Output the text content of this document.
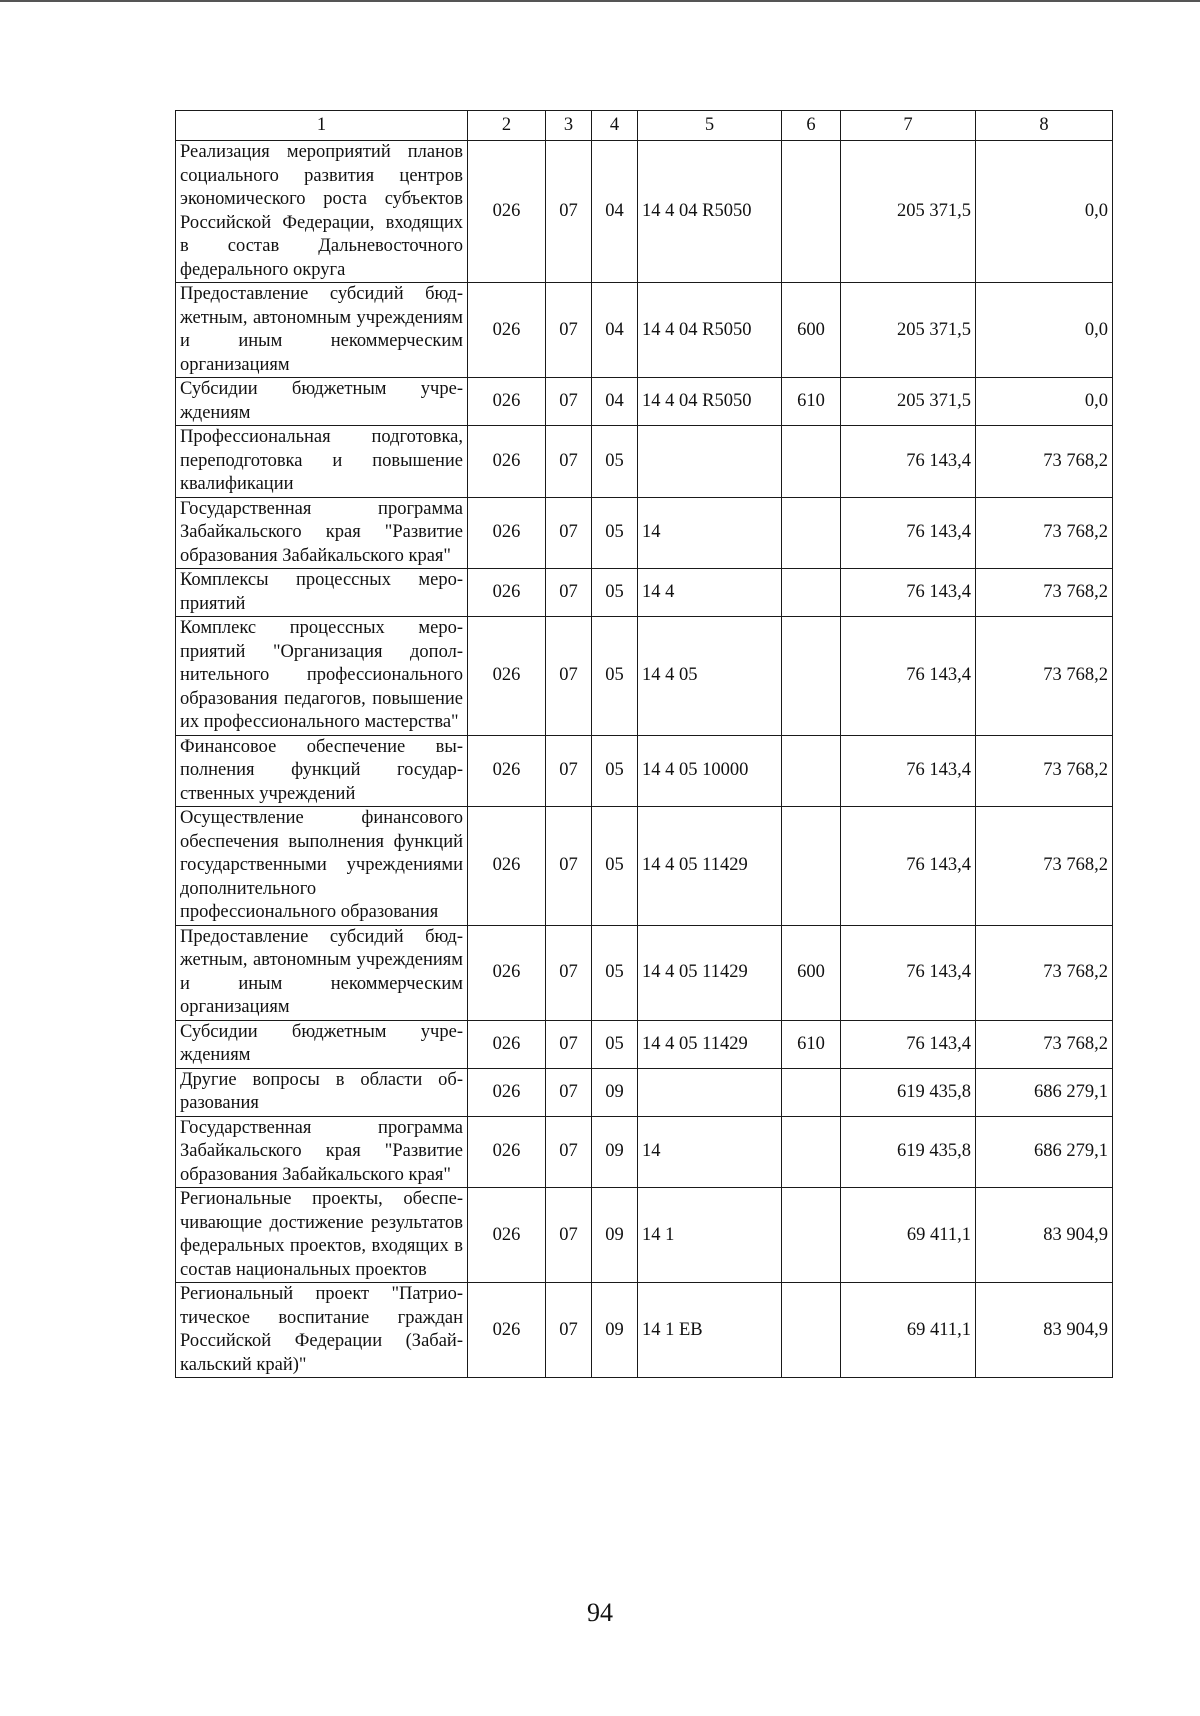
1	2	3	4	5	6	7	8
Реализация мероприятий планов социального развития центров экономического роста субъектов Российской Федерации, входящих в состав Дальневосточного федерального округа	026	07	04	14 4 04 R5050		205 371,5	0,0
Предоставление субсидий бюджетным, автономным учреждениям и иным некоммерческим организациям	026	07	04	14 4 04 R5050	600	205 371,5	0,0
Субсидии бюджетным учреждениям	026	07	04	14 4 04 R5050	610	205 371,5	0,0
Профессиональная подготовка, переподготовка и повышение квалификации	026	07	05			76 143,4	73 768,2
Государственная программа Забайкальского края "Развитие образования Забайкальского края"	026	07	05	14		76 143,4	73 768,2
Комплексы процессных мероприятий	026	07	05	14 4		76 143,4	73 768,2
Комплекс процессных мероприятий "Организация дополнительного профессионального образования педагогов, повышение их профессионального мастерства"	026	07	05	14 4 05		76 143,4	73 768,2
Финансовое обеспечение выполнения функций государственных учреждений	026	07	05	14 4 05 10000		76 143,4	73 768,2
Осуществление финансового обеспечения выполнения функций государственными учреждениями дополнительного профессионального образования	026	07	05	14 4 05 11429		76 143,4	73 768,2
Предоставление субсидий бюджетным, автономным учреждениям и иным некоммерческим организациям	026	07	05	14 4 05 11429	600	76 143,4	73 768,2
Субсидии бюджетным учреждениям	026	07	05	14 4 05 11429	610	76 143,4	73 768,2
Другие вопросы в области образования	026	07	09			619 435,8	686 279,1
Государственная программа Забайкальского края "Развитие образования Забайкальского края"	026	07	09	14		619 435,8	686 279,1
Региональные проекты, обеспечивающие достижение результатов федеральных проектов, входящих в состав национальных проектов	026	07	09	14 1		69 411,1	83 904,9
Региональный проект "Патриотическое воспитание граждан Российской Федерации (Забайкальский край)"	026	07	09	14 1 EB		69 411,1	83 904,9
94
